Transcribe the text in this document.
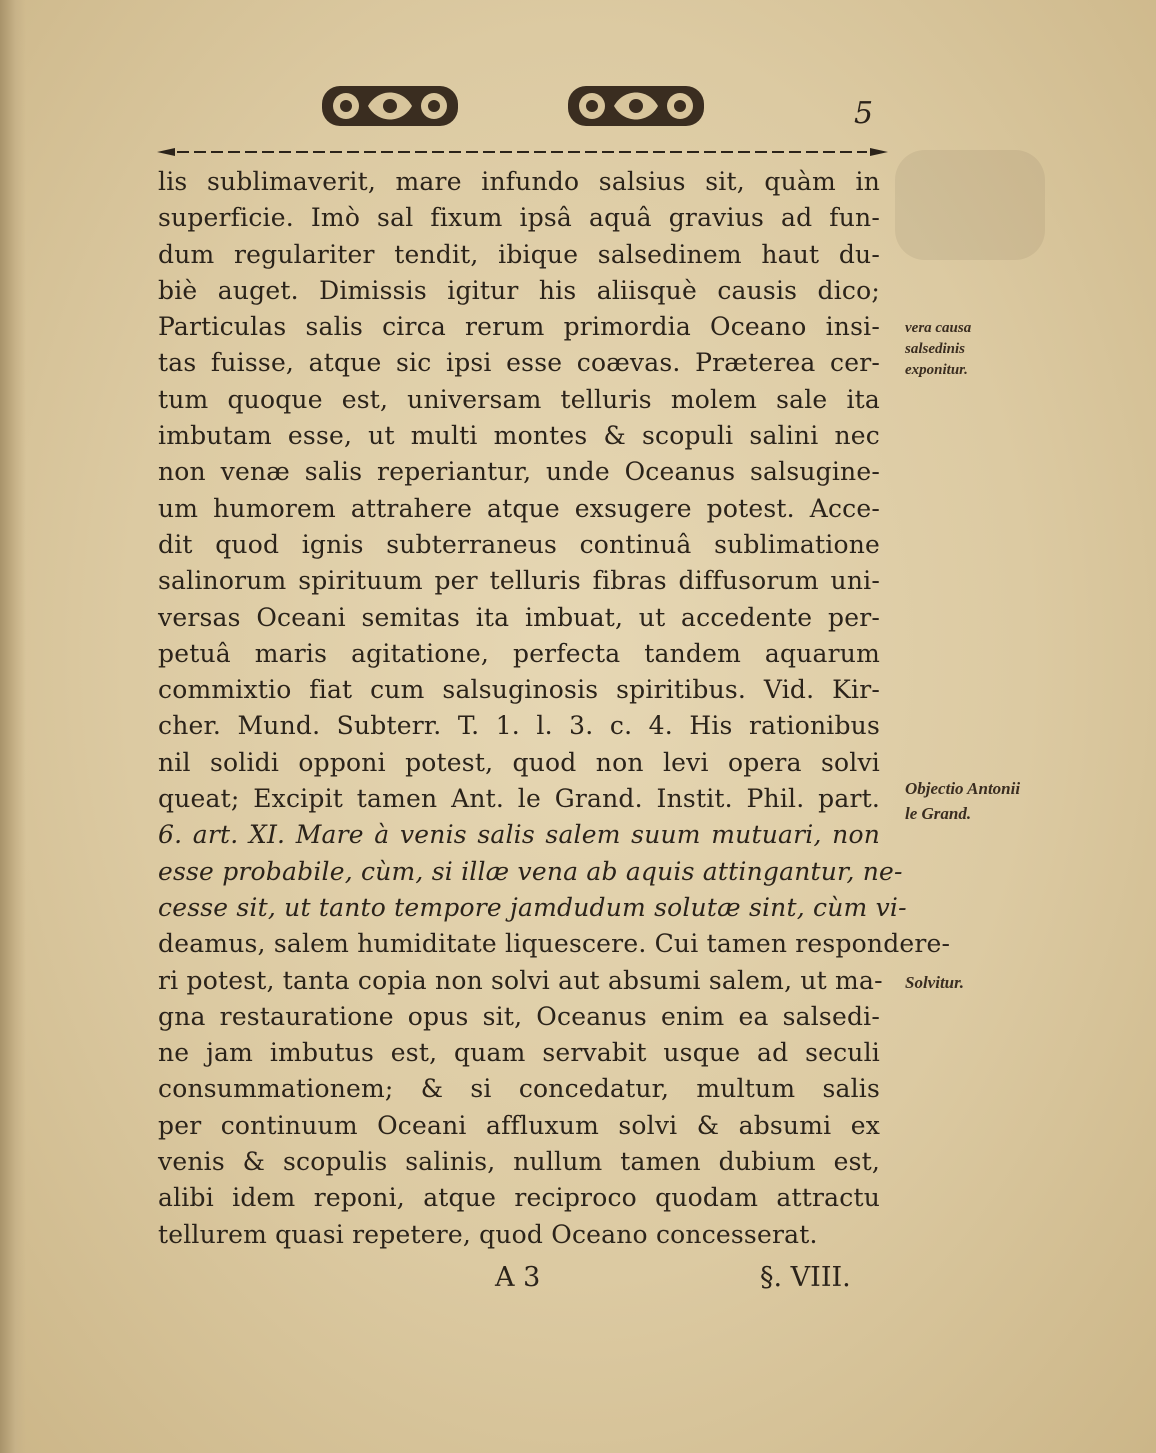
5
lis sublimaverit, mare infundo salsius sit, quàm in
superficie. Imò sal fixum ipsâ aquâ gravius ad fun-
dum regulariter tendit, ibique salsedinem haut du-
biè auget. Dimissis igitur his aliisquè causis dico;
Particulas salis circa rerum primordia Oceano insi-
tas fuisse, atque sic ipsi esse coævas. Præterea cer-
tum quoque est, universam telluris molem sale ita
imbutam esse, ut multi montes & scopuli salini nec
non venæ salis reperiantur, unde Oceanus salsugine-
um humorem attrahere atque exsugere potest. Acce-
dit quod ignis subterraneus continuâ sublimatione
salinorum spirituum per telluris fibras diffusorum uni-
versas Oceani semitas ita imbuat, ut accedente per-
petuâ maris agitatione, perfecta tandem aquarum
commixtio fiat cum salsuginosis spiritibus. Vid. Kir-
cher. Mund. Subterr. T. 1. l. 3. c. 4. His rationibus
nil solidi opponi potest, quod non levi opera solvi
queat; Excipit tamen Ant. le Grand. Instit. Phil. part.
6. art. XI. Mare à venis salis salem suum mutuari, non
esse probabile, cùm, si illæ vena ab aquis attingantur, ne-
cesse sit, ut tanto tempore jamdudum solutæ sint, cùm vi-
deamus, salem humiditate liquescere. Cui tamen respondere-
ri potest, tanta copia non solvi aut absumi salem, ut ma-
gna restauratione opus sit, Oceanus enim ea salsedi-
ne jam imbutus est, quam servabit usque ad seculi
consummationem; & si concedatur, multum salis
per continuum Oceani affluxum solvi & absumi ex
venis & scopulis salinis, nullum tamen dubium est,
alibi idem reponi, atque reciproco quodam attractu
tellurem quasi repetere, quod Oceano concesserat.
vera causa salsedinis exponitur.
Objectio Antonii le Grand.
Solvitur.
A 3	§. VIII.
